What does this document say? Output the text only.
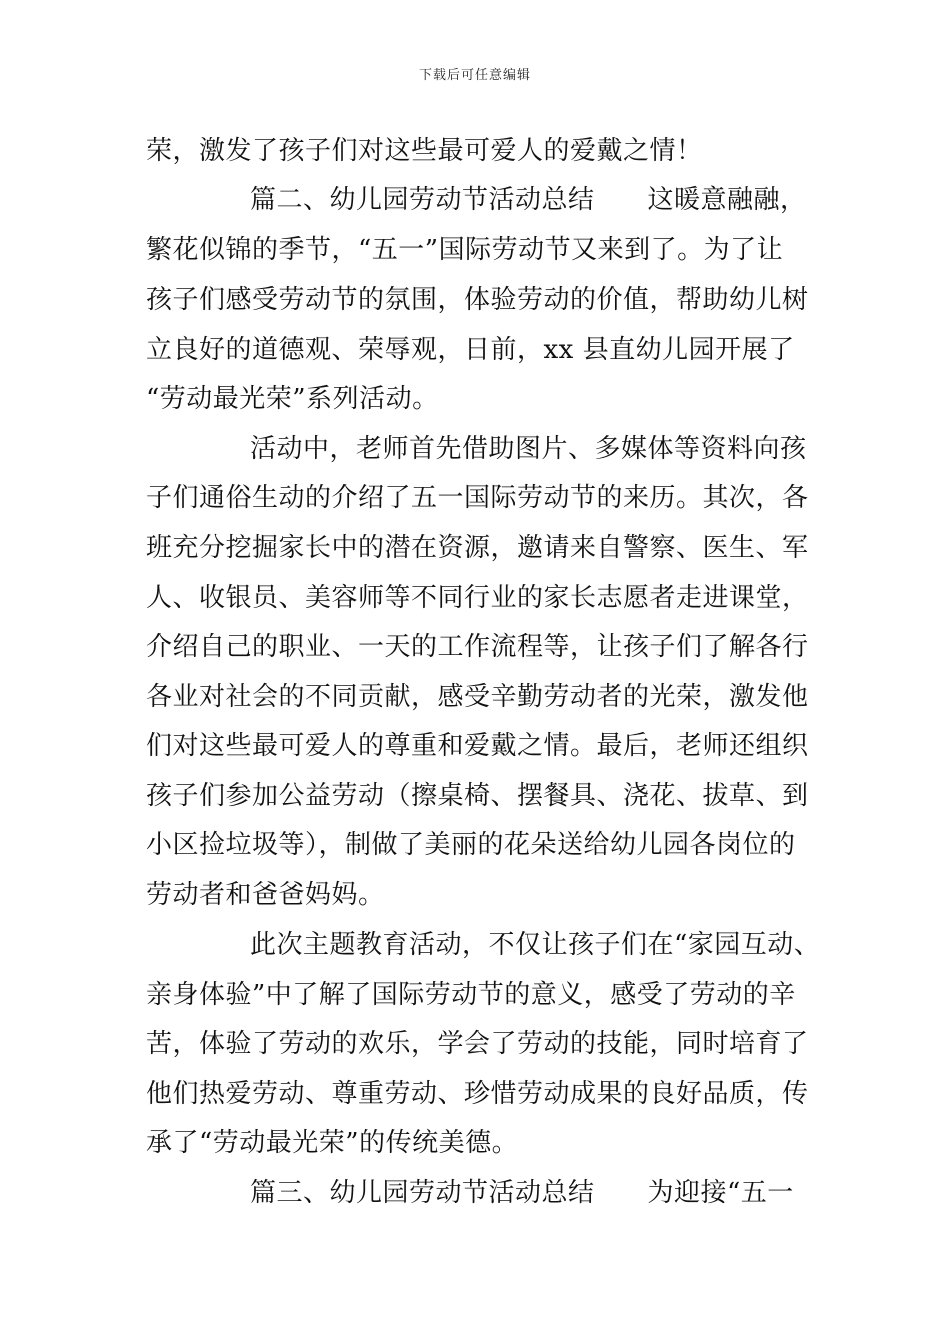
下载后可任意编辑
荣，激发了孩子们对这些最可爱人的爱戴之情！
篇二、幼儿园劳动节活动总结　　这暖意融融，
繁花似锦的季节，“五一”国际劳动节又来到了。为了让
孩子们感受劳动节的氛围，体验劳动的价值，帮助幼儿树
立良好的道德观、荣辱观，日前，xx 县直幼儿园开展了
“劳动最光荣”系列活动。
活动中，老师首先借助图片、多媒体等资料向孩
子们通俗生动的介绍了五一国际劳动节的来历。其次，各
班充分挖掘家长中的潜在资源，邀请来自警察、医生、军
人、收银员、美容师等不同行业的家长志愿者走进课堂，
介绍自己的职业、一天的工作流程等，让孩子们了解各行
各业对社会的不同贡献，感受辛勤劳动者的光荣，激发他
们对这些最可爱人的尊重和爱戴之情。最后，老师还组织
孩子们参加公益劳动（擦桌椅、摆餐具、浇花、拔草、到
小区捡垃圾等），制做了美丽的花朵送给幼儿园各岗位的
劳动者和爸爸妈妈。
此次主题教育活动，不仅让孩子们在“家园互动、
亲身体验”中了解了国际劳动节的意义，感受了劳动的辛
苦，体验了劳动的欢乐，学会了劳动的技能，同时培育了
他们热爱劳动、尊重劳动、珍惜劳动成果的良好品质，传
承了“劳动最光荣”的传统美德。
篇三、幼儿园劳动节活动总结　　为迎接“五一
